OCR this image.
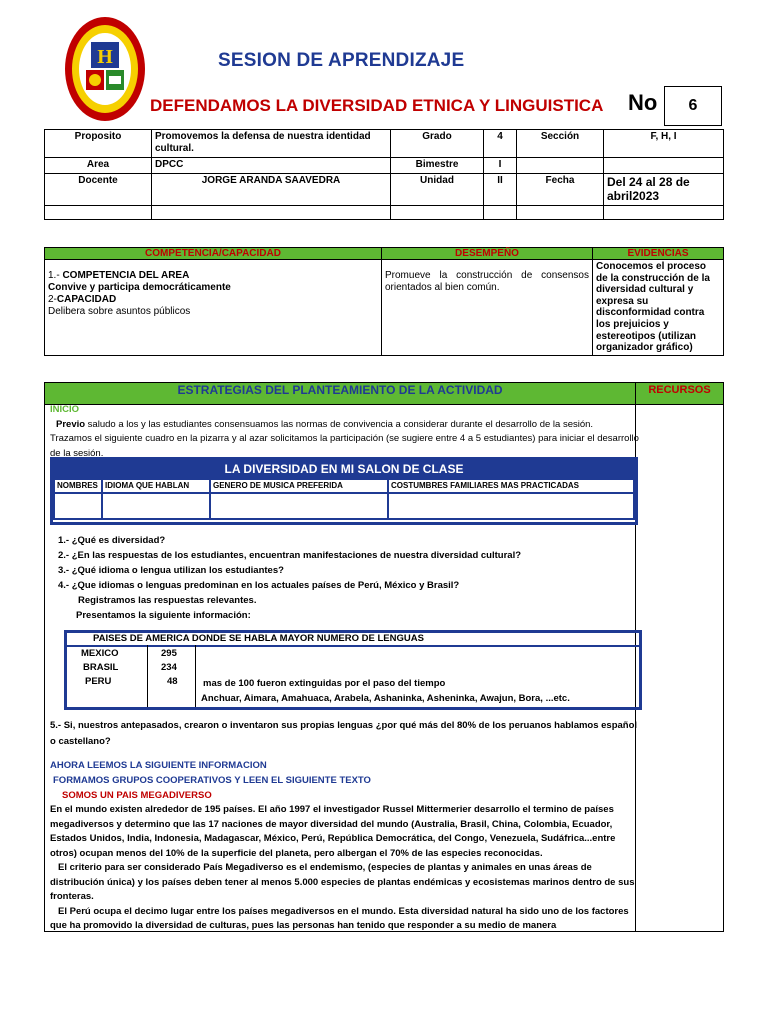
H	SESION DE APRENDIZAJE
DEFENDAMOS LA DIVERSIDAD ETNICA Y LINGUISTICA No	6
Proposito	Promovemos la defensa de nuestra identidad cultural.	Grado	4	Sección	F, H, I
Area	DPCC	Bimestre	I		
Docente	JORGE ARANDA SAAVEDRA	Unidad	II	Fecha	Del 24 al 28 de abril2023

COMPETENCIA/CAPACIDAD	DESEMPEÑO	EVIDENCIAS
1.- COMPETENCIA DEL AREA
Convive y participa democráticamente
2-CAPACIDAD
Delibera sobre asuntos públicos	Promueve la construcción de consensos orientados al bien común.	Conocemos el proceso de la construcción de la diversidad cultural y expresa su disconformidad contra los prejuicios y estereotipos (utilizan organizador gráfico)
ESTRATEGIAS DEL PLANTEAMIENTO DE LA ACTIVIDAD	RECURSOS

INICIO

Previo saludo a los y las estudiantes consensuamos las normas de convivencia a considerar durante el desarrollo de la sesión.

Trazamos el siguiente cuadro en la pizarra y al azar solicitamos la participación (se sugiere entre 4 a 5 estudiantes) para iniciar el desarrollo de la sesión.

LA DIVERSIDAD EN MI SALON DE CLASE
NOMBRES	IDIOMA QUE HABLAN	GENERO DE MUSICA PREFERIDA	COSTUMBRES FAMILIARES MAS PRACTICADAS

1.- ¿Qué es diversidad?
2.- ¿En las respuestas de los estudiantes, encuentran manifestaciones de nuestra diversidad cultural?
3.- ¿Qué idioma o lengua utilizan los estudiantes?
4.- ¿Que idiomas o lenguas predominan en los actuales países de Perú, México y Brasil?
Registramos las respuestas relevantes.
Presentamos la siguiente información:
PAISES DE AMERICA DONDE SE HABLA MAYOR NUMERO DE LENGUAS
MEXICO	295
BRASIL	234
PERU	48	mas de 100 fueron extinguidas por el paso del tiempo
Anchuar, Aimara, Amahuaca, Arabela, Ashaninka, Asheninka, Awajun, Bora, ...etc.
5.- Si, nuestros antepasados, crearon o inventaron sus propias lenguas ¿por qué más del 80% de los peruanos hablamos español o castellano?
AHORA LEEMOS LA SIGUIENTE INFORMACION
FORMAMOS GRUPOS COOPERATIVOS Y LEEN EL SIGUIENTE TEXTO
SOMOS UN PAIS MEGADIVERSO
En el mundo existen alrededor de 195 países. El año 1997 el investigador Russel Mittermerier desarrollo el termino de países megadiversos y determino que las 17 naciones de mayor diversidad del mundo (Australia, Brasil, China, Colombia, Ecuador, Estados Unidos, India, Indonesia, Madagascar, México, Perú, República Democrática, del Congo, Venezuela, Sudáfrica...entre otros) ocupan menos del 10% de la superficie del planeta, pero albergan el 70% de las especies reconocidas.
El criterio para ser considerado País Megadiverso es el endemismo, (especies de plantas y animales en unas áreas de distribución única) y los países deben tener al menos 5.000 especies de plantas endémicas y ecosistemas marinos dentro de sus fronteras.
El Perú ocupa el decimo lugar entre los países megadiversos en el mundo. Esta diversidad natural ha sido uno de los factores que ha promovido la diversidad de culturas, pues las personas han tenido que responder a su medio de manera
